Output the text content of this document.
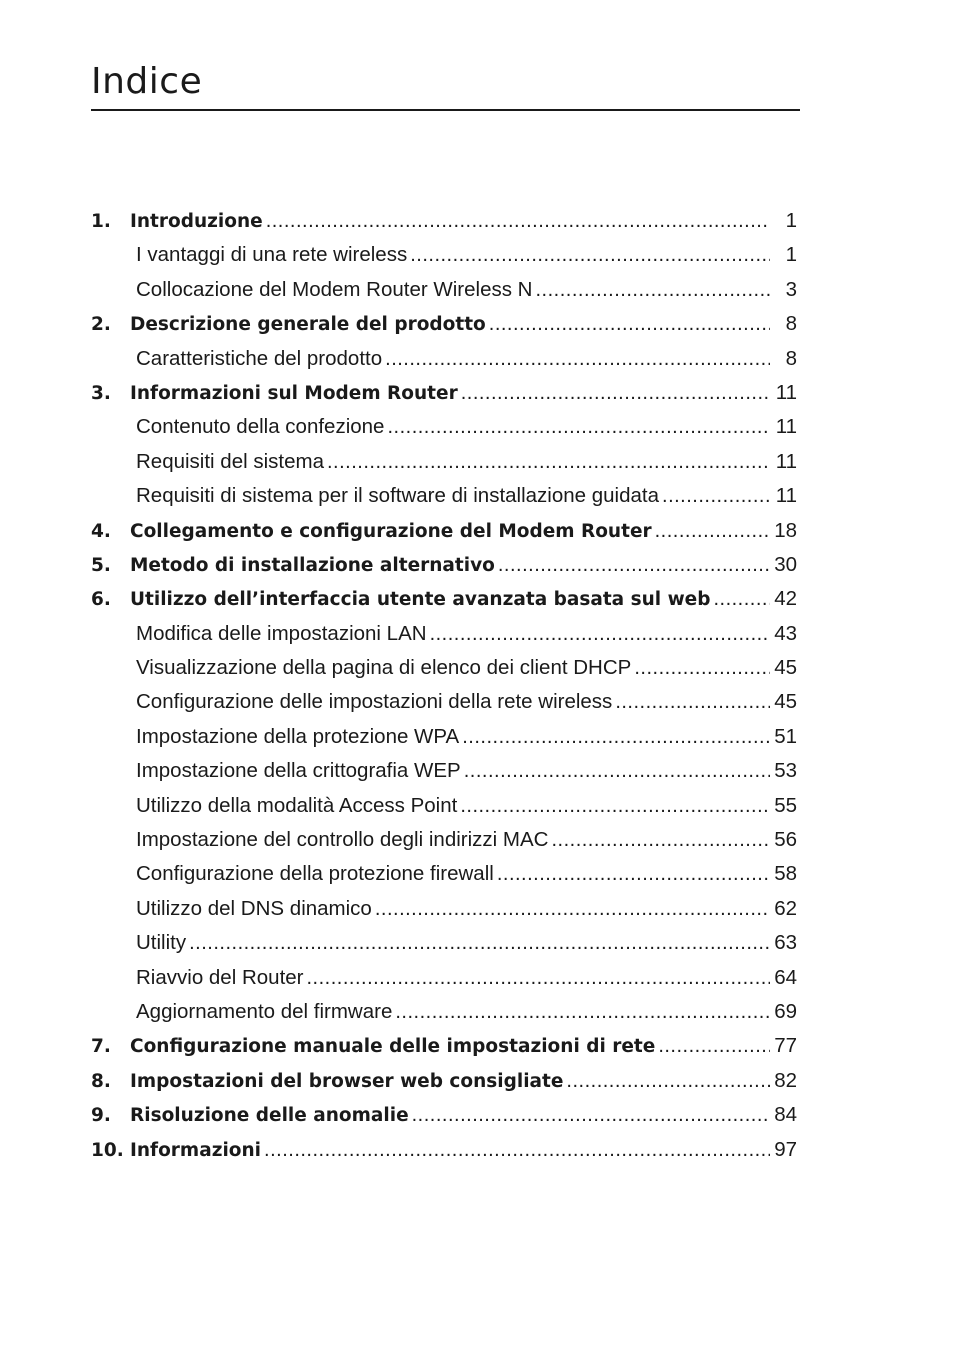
Indice
1.	Introduzione .....	1
I vantaggi di una rete wireless .....	1
Collocazione del Modem Router Wireless N .....	3
2.	Descrizione generale del prodotto .....	8
Caratteristiche del prodotto .....	8
3.	Informazioni sul Modem Router .....	11
Contenuto della confezione .....	11
Requisiti del sistema .....	11
Requisiti di sistema per il software di installazione guidata .....	11
4.	Collegamento e configurazione del Modem Router .....	18
5.	Metodo di installazione alternativo .....	30
6.	Utilizzo dell’interfaccia utente avanzata basata sul web .....	42
Modifica delle impostazioni LAN .....	43
Visualizzazione della pagina di elenco dei client DHCP .....	45
Configurazione delle impostazioni della rete wireless .....	45
Impostazione della protezione WPA .....	51
Impostazione della crittografia WEP .....	53
Utilizzo della modalità Access Point .....	55
Impostazione del controllo degli indirizzi MAC .....	56
Configurazione della protezione firewall .....	58
Utilizzo del DNS dinamico .....	62
Utility .....	63
Riavvio del Router .....	64
Aggiornamento del firmware .....	69
7.	Configurazione manuale delle impostazioni di rete .....	77
8.	Impostazioni del browser web consigliate .....	82
9.	Risoluzione delle anomalie .....	84
10. Informazioni .....	97
